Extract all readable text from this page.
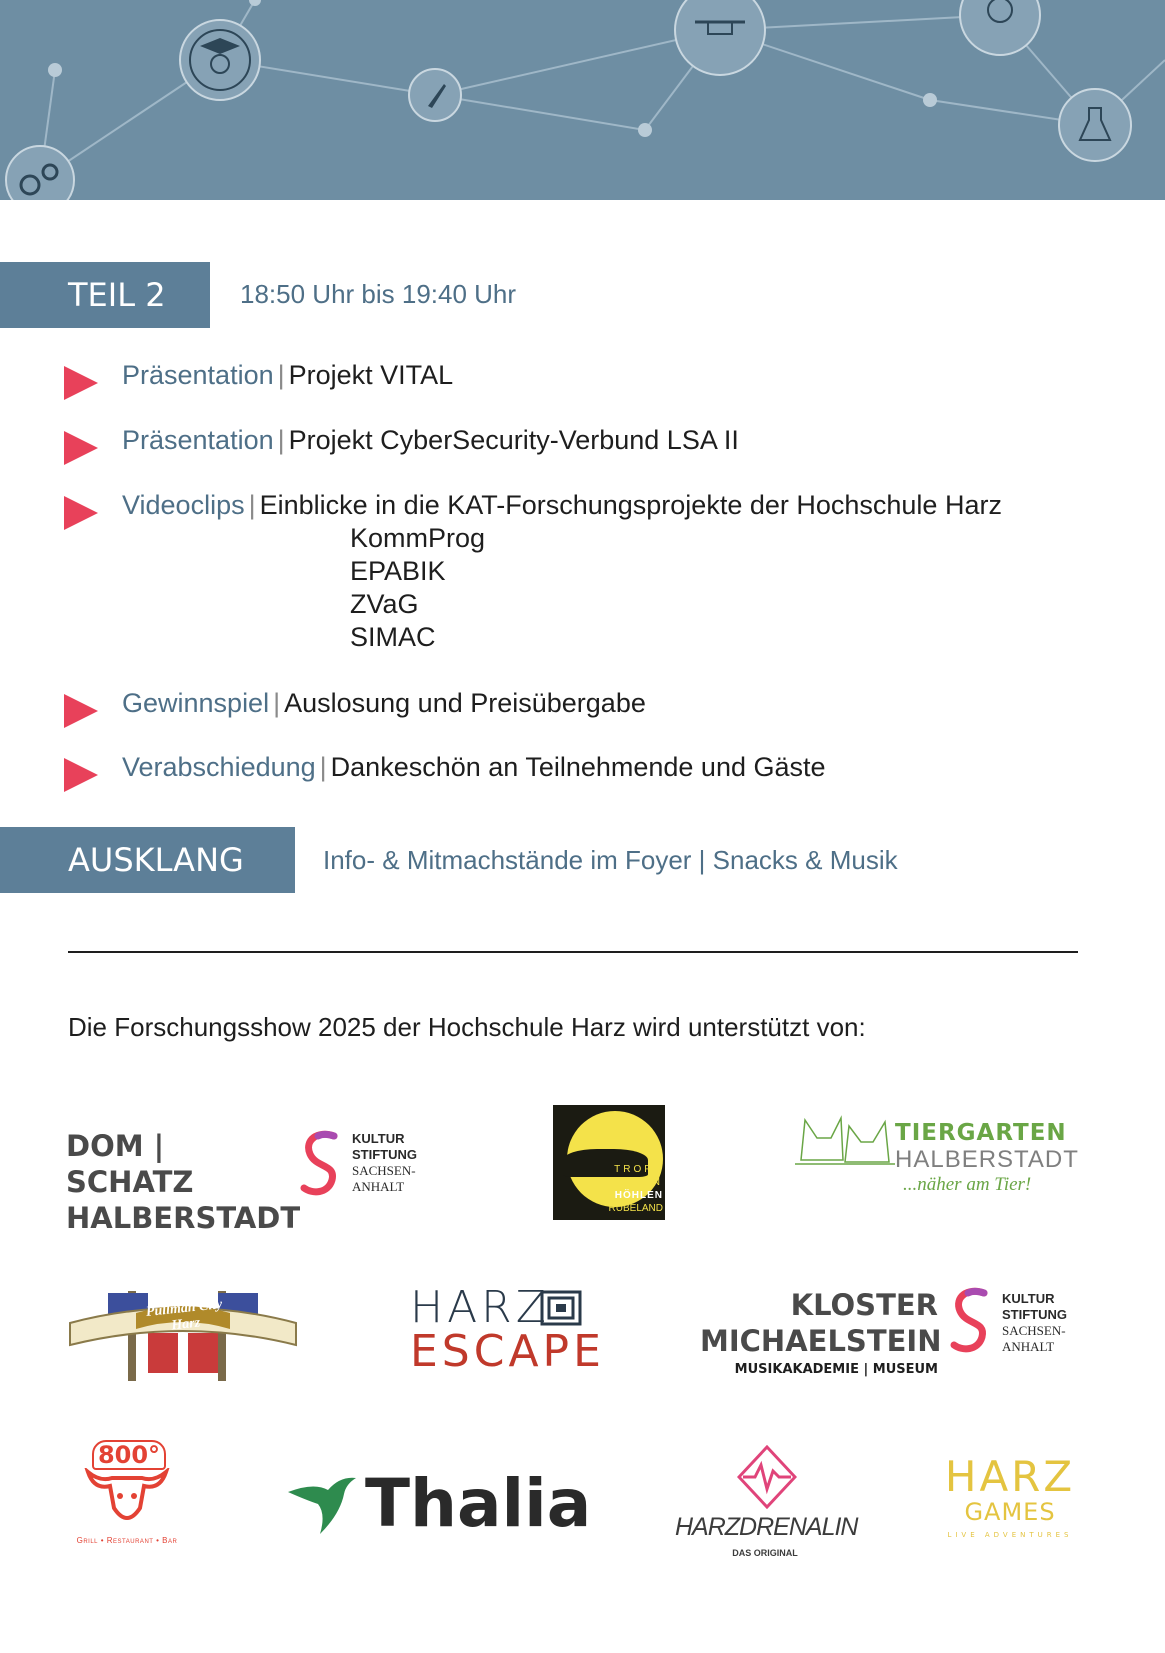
TEIL 2	18:50 Uhr bis 19:40 Uhr
Präsentation | Projekt VITAL
Präsentation | Projekt CyberSecurity-Verbund LSA II
Videoclips | Einblicke in die KAT-Forschungsprojekte der Hochschule Harz
KommProg
EPABIK
ZVaG
SIMAC
Gewinnspiel | Auslosung und Preisübergabe
Verabschiedung | Dankeschön an Teilnehmende und Gäste
AUSKLANG	Info- & Mitmachstände im Foyer | Snacks & Musik
Die Forschungsshow 2025 der Hochschule Harz wird unterstützt von:
DOM | SCHATZ
HALBERSTADT
KULTUR
STIFTUNG
SACHSEN-
ANHALT
TROPF
STEIN
HÖHLEN
RÜBELAND
TIERGARTEN
HALBERSTADT
...näher am Tier!
Pullman City Harz	HARZ
ESCAPE
KLOSTER
MICHAELSTEIN
MUSIKAKADEMIE | MUSEUM
KULTUR
STIFTUNG
SACHSEN-
ANHALT
800°
Grill • Restaurant • Bar	Thalia	HARZDRENALIN
DAS ORIGINAL
HARZ
GAMES
LIVE ADVENTURES
